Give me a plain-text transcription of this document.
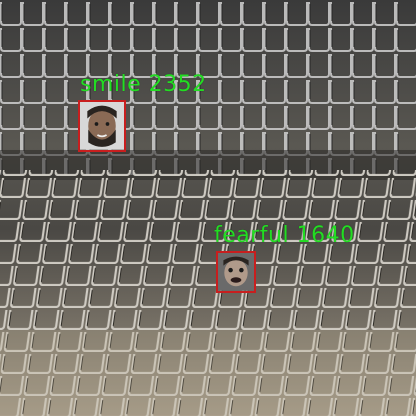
smile 2352
fearful 1640
